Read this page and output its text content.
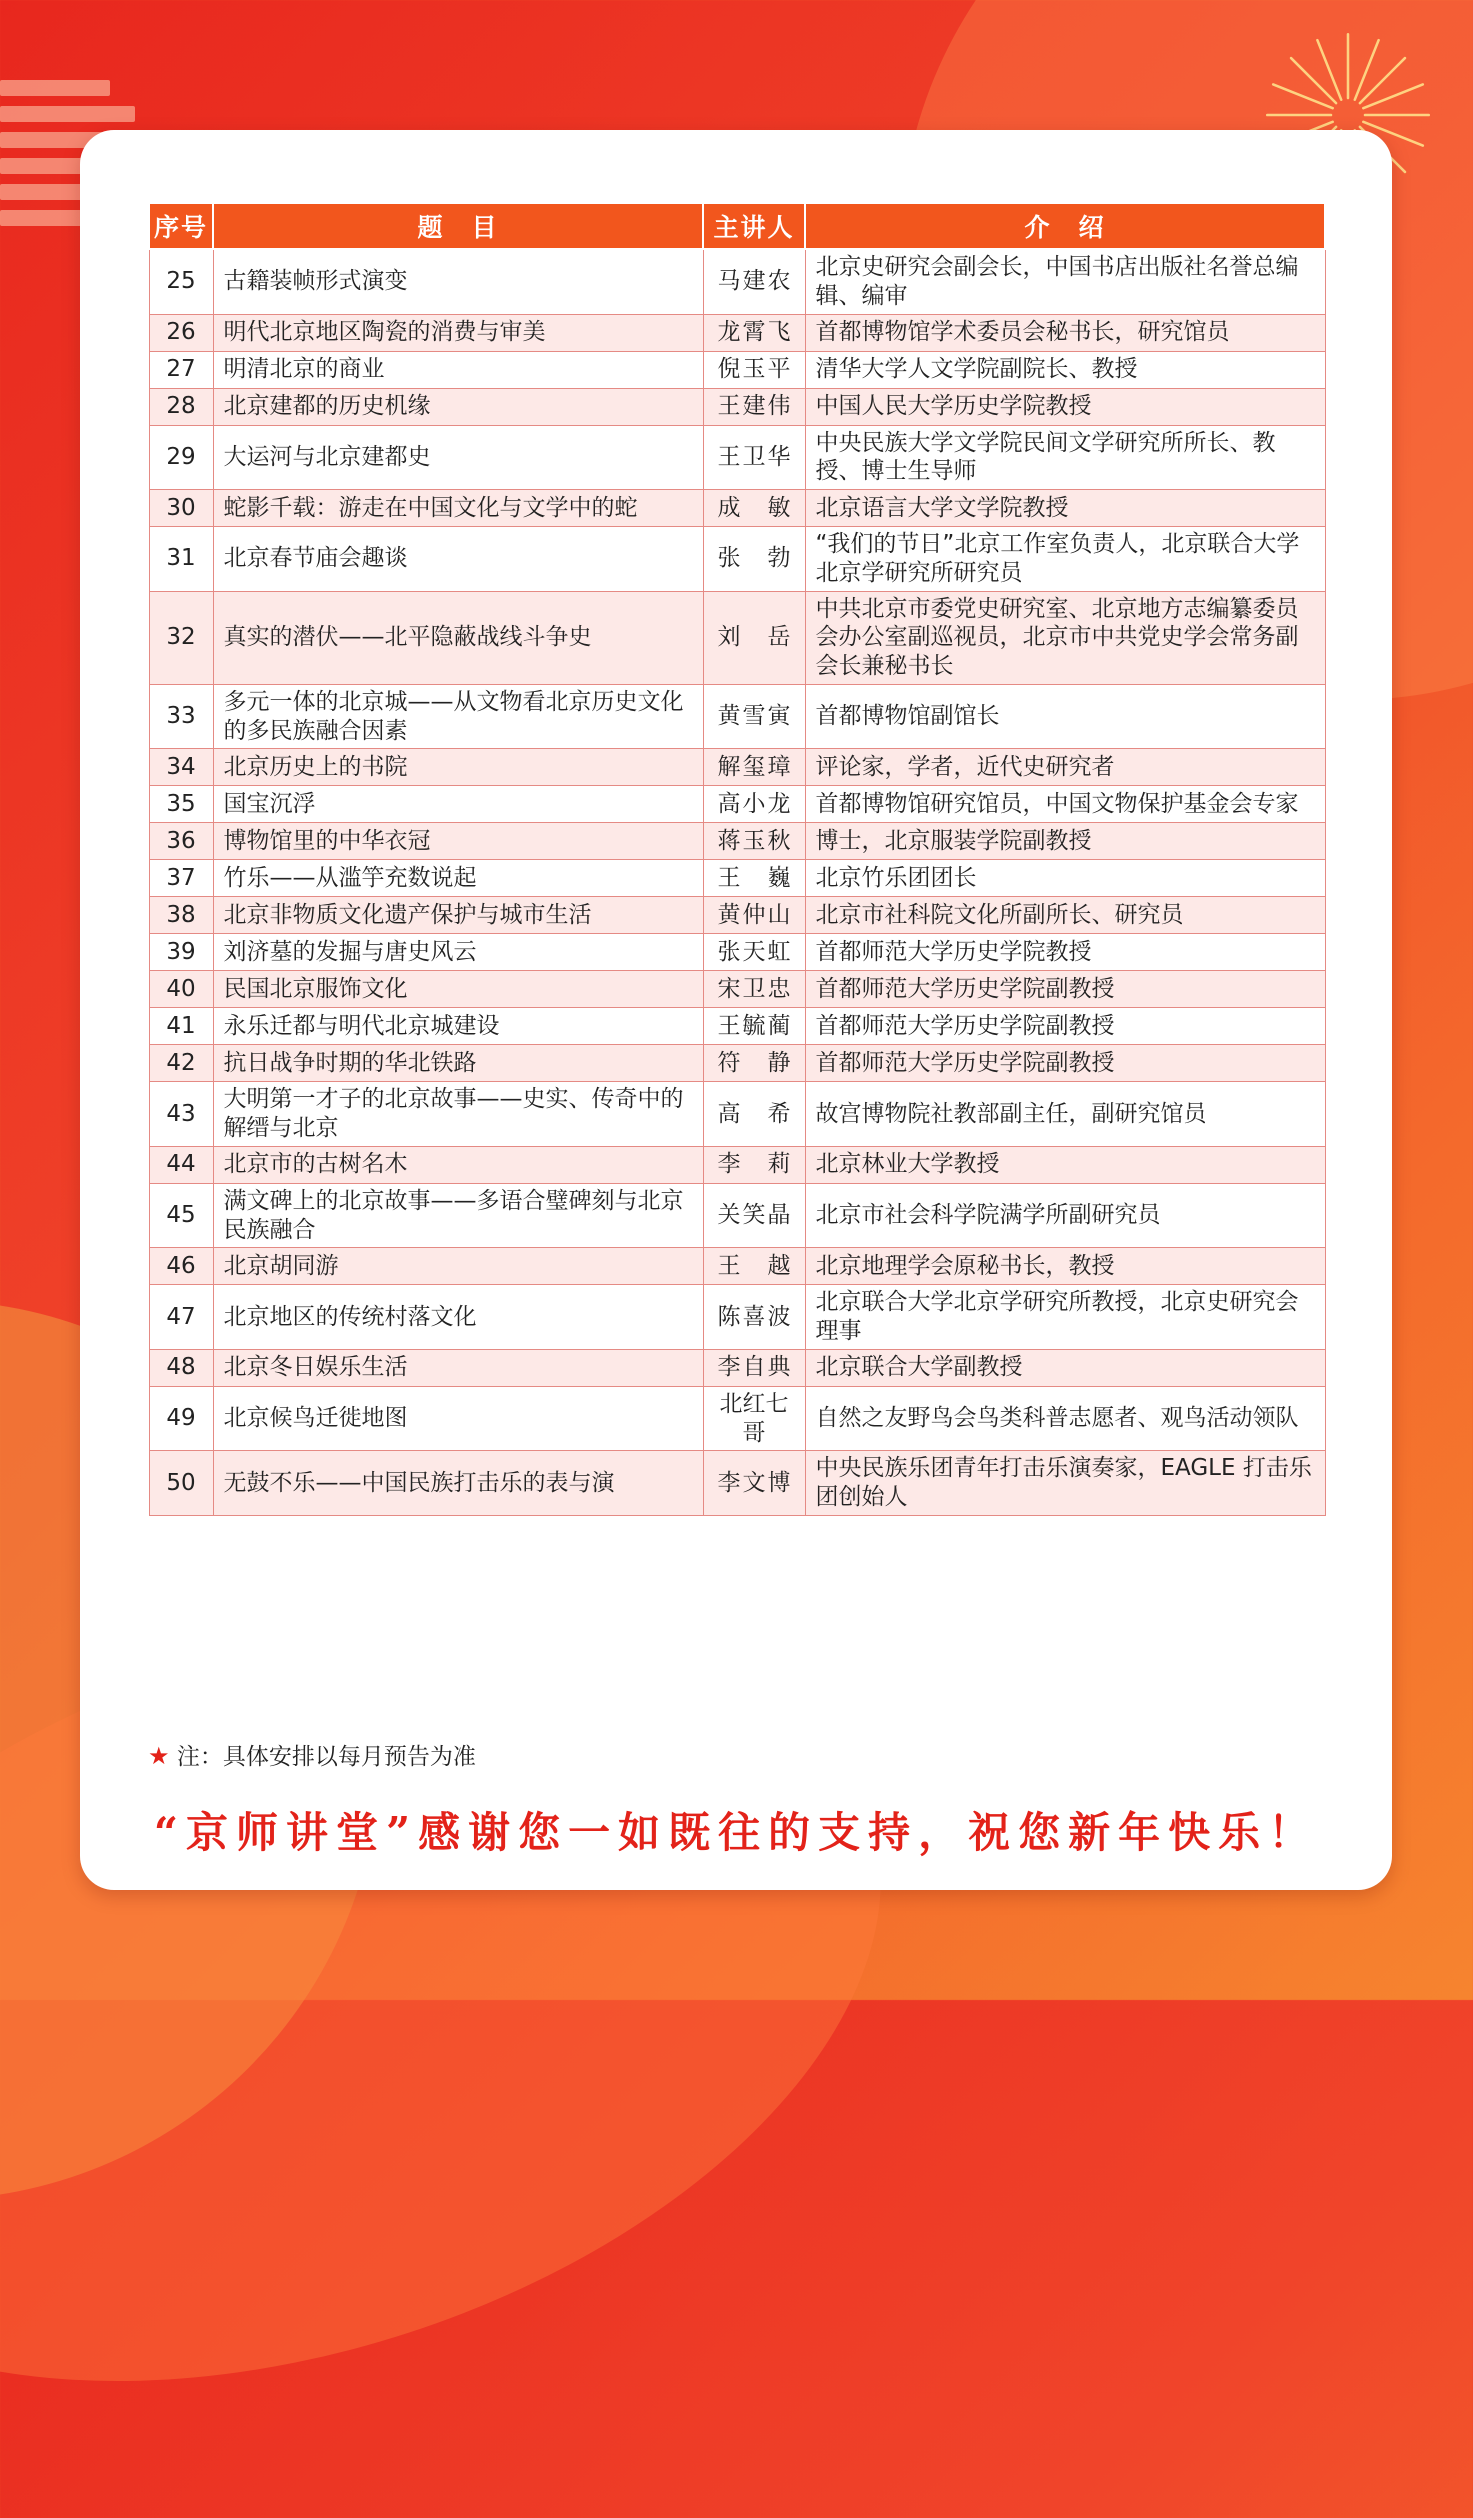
序号	题　目	主讲人	介　绍
25	古籍装帧形式演变	马建农	北京史研究会副会长，中国书店出版社名誉总编辑、编审
26	明代北京地区陶瓷的消费与审美	龙霄飞	首都博物馆学术委员会秘书长，研究馆员
27	明清北京的商业	倪玉平	清华大学人文学院副院长、教授
28	北京建都的历史机缘	王建伟	中国人民大学历史学院教授
29	大运河与北京建都史	王卫华	中央民族大学文学院民间文学研究所所长、教授、博士生导师
30	蛇影千载：游走在中国文化与文学中的蛇	成　敏	北京语言大学文学院教授
31	北京春节庙会趣谈	张　勃	“我们的节日”北京工作室负责人，北京联合大学北京学研究所研究员
32	真实的潜伏——北平隐蔽战线斗争史	刘　岳	中共北京市委党史研究室、北京地方志编纂委员会办公室副巡视员，北京市中共党史学会常务副会长兼秘书长
33	多元一体的北京城——从文物看北京历史文化的多民族融合因素	黄雪寅	首都博物馆副馆长
34	北京历史上的书院	解玺璋	评论家，学者，近代史研究者
35	国宝沉浮	高小龙	首都博物馆研究馆员，中国文物保护基金会专家
36	博物馆里的中华衣冠	蒋玉秋	博士，北京服装学院副教授
37	竹乐——从滥竽充数说起	王　巍	北京竹乐团团长
38	北京非物质文化遗产保护与城市生活	黄仲山	北京市社科院文化所副所长、研究员
39	刘济墓的发掘与唐史风云	张天虹	首都师范大学历史学院教授
40	民国北京服饰文化	宋卫忠	首都师范大学历史学院副教授
41	永乐迁都与明代北京城建设	王毓蔺	首都师范大学历史学院副教授
42	抗日战争时期的华北铁路	符　静	首都师范大学历史学院副教授
43	大明第一才子的北京故事——史实、传奇中的解缙与北京	高　希	故宫博物院社教部副主任，副研究馆员
44	北京市的古树名木	李　莉	北京林业大学教授
45	满文碑上的北京故事——多语合璧碑刻与北京民族融合	关笑晶	北京市社会科学院满学所副研究员
46	北京胡同游	王　越	北京地理学会原秘书长，教授
47	北京地区的传统村落文化	陈喜波	北京联合大学北京学研究所教授，北京史研究会理事
48	北京冬日娱乐生活	李自典	北京联合大学副教授
49	北京候鸟迁徙地图	北红七哥	自然之友野鸟会鸟类科普志愿者、观鸟活动领队
50	无鼓不乐——中国民族打击乐的表与演	李文博	中央民族乐团青年打击乐演奏家，EAGLE 打击乐团创始人
★ 注：具体安排以每月预告为准
“京师讲堂”感谢您一如既往的支持，祝您新年快乐！
